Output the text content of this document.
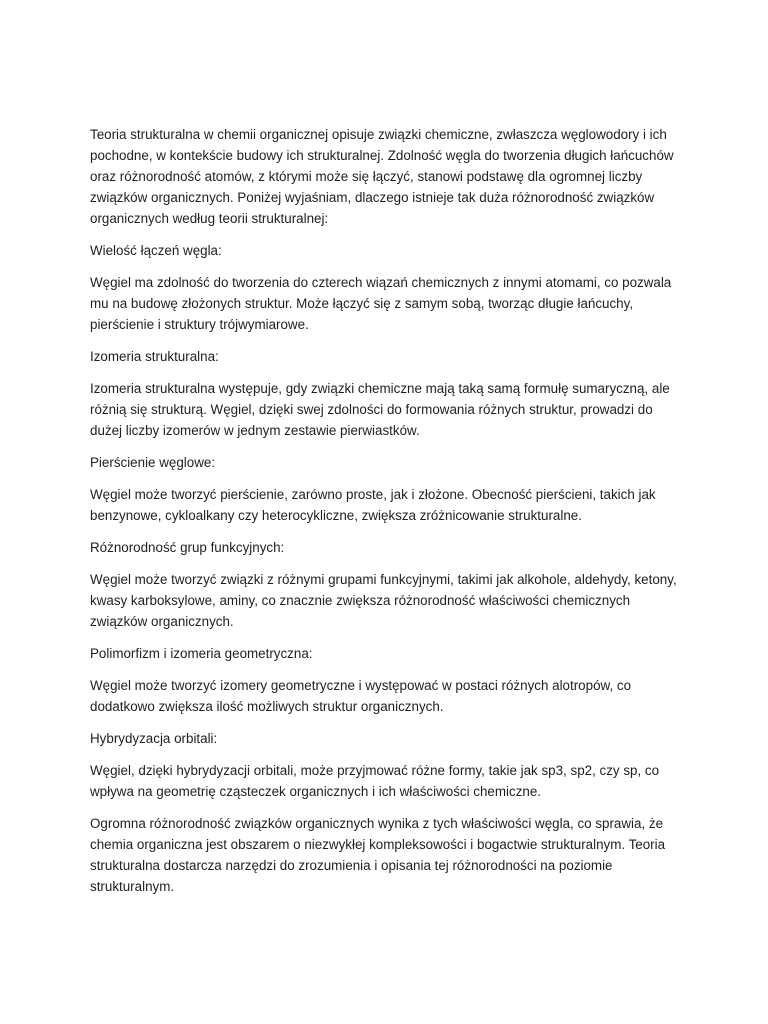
Teoria strukturalna w chemii organicznej opisuje związki chemiczne, zwłaszcza węglowodory i ich pochodne, w kontekście budowy ich strukturalnej. Zdolność węgla do tworzenia długich łańcuchów oraz różnorodność atomów, z którymi może się łączyć, stanowi podstawę dla ogromnej liczby związków organicznych. Poniżej wyjaśniam, dlaczego istnieje tak duża różnorodność związków organicznych według teorii strukturalnej:

Wielość łączeń węgla:

Węgiel ma zdolność do tworzenia do czterech wiązań chemicznych z innymi atomami, co pozwala mu na budowę złożonych struktur. Może łączyć się z samym sobą, tworząc długie łańcuchy, pierścienie i struktury trójwymiarowe.

Izomeria strukturalna:

Izomeria strukturalna występuje, gdy związki chemiczne mają taką samą formułę sumaryczną, ale różnią się strukturą. Węgiel, dzięki swej zdolności do formowania różnych struktur, prowadzi do dużej liczby izomerów w jednym zestawie pierwiastków.

Pierścienie węglowe:

Węgiel może tworzyć pierścienie, zarówno proste, jak i złożone. Obecność pierścieni, takich jak benzynowe, cykloalkany czy heterocykliczne, zwiększa zróżnicowanie strukturalne.

Różnorodność grup funkcyjnych:

Węgiel może tworzyć związki z różnymi grupami funkcyjnymi, takimi jak alkohole, aldehydy, ketony, kwasy karboksylowe, aminy, co znacznie zwiększa różnorodność właściwości chemicznych związków organicznych.

Polimorfizm i izomeria geometryczna:

Węgiel może tworzyć izomery geometryczne i występować w postaci różnych alotropów, co dodatkowo zwiększa ilość możliwych struktur organicznych.

Hybrydyzacja orbitali:

Węgiel, dzięki hybrydyzacji orbitali, może przyjmować różne formy, takie jak sp3, sp2, czy sp, co wpływa na geometrię cząsteczek organicznych i ich właściwości chemiczne.

Ogromna różnorodność związków organicznych wynika z tych właściwości węgla, co sprawia, że chemia organiczna jest obszarem o niezwykłej kompleksowości i bogactwie strukturalnym. Teoria strukturalna dostarcza narzędzi do zrozumienia i opisania tej różnorodności na poziomie strukturalnym.
